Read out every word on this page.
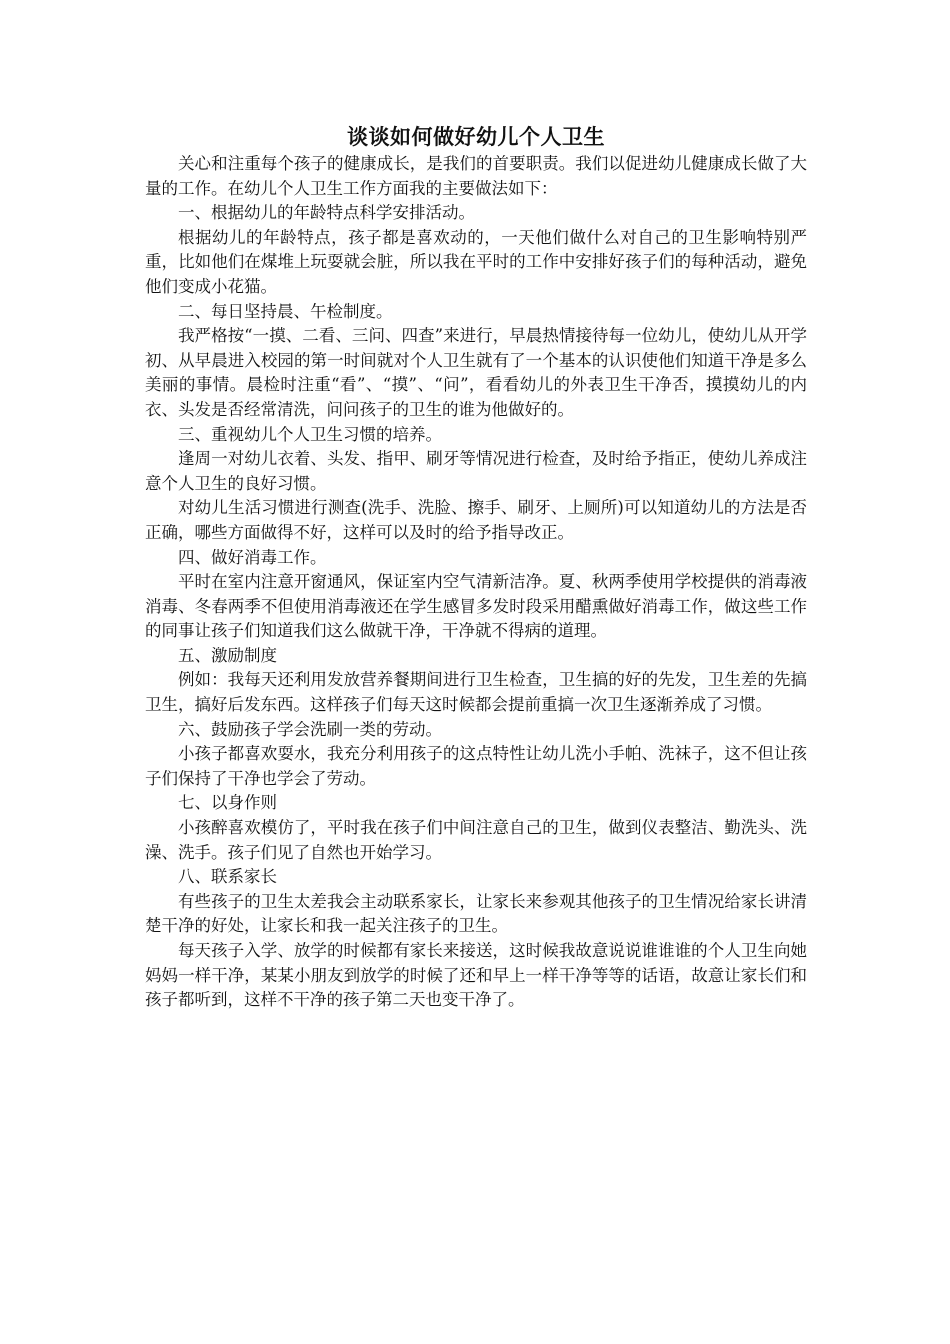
谈谈如何做好幼儿个人卫生

关心和注重每个孩子的健康成长，是我们的首要职责。我们以促进幼儿健康成长做了大量的工作。在幼儿个人卫生工作方面我的主要做法如下：

一、根据幼儿的年龄特点科学安排活动。

根据幼儿的年龄特点，孩子都是喜欢动的，一天他们做什么对自己的卫生影响特别严重，比如他们在煤堆上玩耍就会脏，所以我在平时的工作中安排好孩子们的每种活动，避免他们变成小花猫。

二、每日坚持晨、午检制度。

我严格按“一摸、二看、三问、四查”来进行，早晨热情接待每一位幼儿，使幼儿从开学初、从早晨进入校园的第一时间就对个人卫生就有了一个基本的认识使他们知道干净是多么美丽的事情。晨检时注重“看”、“摸”、“问”，看看幼儿的外表卫生干净否，摸摸幼儿的内衣、头发是否经常清洗，问问孩子的卫生的谁为他做好的。

三、重视幼儿个人卫生习惯的培养。

逢周一对幼儿衣着、头发、指甲、刷牙等情况进行检查，及时给予指正，使幼儿养成注意个人卫生的良好习惯。

对幼儿生活习惯进行测查(洗手、洗脸、擦手、刷牙、上厕所)可以知道幼儿的方法是否正确，哪些方面做得不好，这样可以及时的给予指导改正。

四、做好消毒工作。

平时在室内注意开窗通风，保证室内空气清新洁净。夏、秋两季使用学校提供的消毒液消毒、冬春两季不但使用消毒液还在学生感冒多发时段采用醋熏做好消毒工作，做这些工作的同事让孩子们知道我们这么做就干净，干净就不得病的道理。

五、激励制度

例如：我每天还利用发放营养餐期间进行卫生检查，卫生搞的好的先发，卫生差的先搞卫生，搞好后发东西。这样孩子们每天这时候都会提前重搞一次卫生逐渐养成了习惯。

六、鼓励孩子学会洗刷一类的劳动。

小孩子都喜欢耍水，我充分利用孩子的这点特性让幼儿洗小手帕、洗袜子，这不但让孩子们保持了干净也学会了劳动。

七、以身作则

小孩醉喜欢模仿了，平时我在孩子们中间注意自己的卫生，做到仪表整洁、勤洗头、洗澡、洗手。孩子们见了自然也开始学习。

八、联系家长

有些孩子的卫生太差我会主动联系家长，让家长来参观其他孩子的卫生情况给家长讲清楚干净的好处，让家长和我一起关注孩子的卫生。

每天孩子入学、放学的时候都有家长来接送，这时候我故意说说谁谁谁的个人卫生向她妈妈一样干净，某某小朋友到放学的时候了还和早上一样干净等等的话语，故意让家长们和孩子都听到，这样不干净的孩子第二天也变干净了。
